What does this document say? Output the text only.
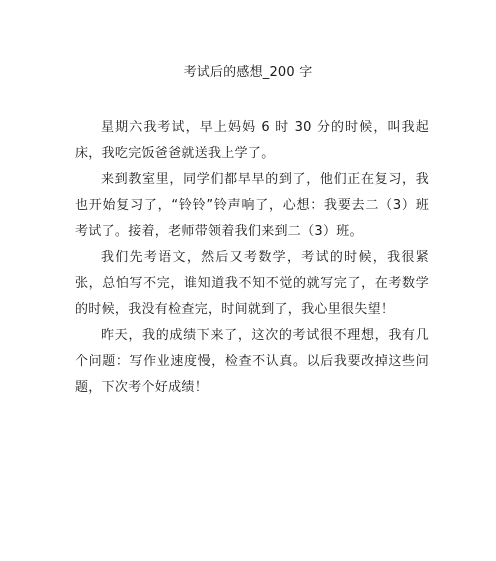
考试后的感想_200 字

星期六我考试，早上妈妈 6 时 30 分的时候，叫我起床，我吃完饭爸爸就送我上学了。

来到教室里，同学们都早早的到了，他们正在复习，我也开始复习了，“铃铃”铃声响了，心想：我要去二（3）班考试了。接着，老师带领着我们来到二（3）班。

我们先考语文，然后又考数学，考试的时候，我很紧张，总怕写不完，谁知道我不知不觉的就写完了，在考数学的时候，我没有检查完，时间就到了，我心里很失望！

昨天，我的成绩下来了，这次的考试很不理想，我有几个问题：写作业速度慢，检查不认真。以后我要改掉这些问题，下次考个好成绩！
